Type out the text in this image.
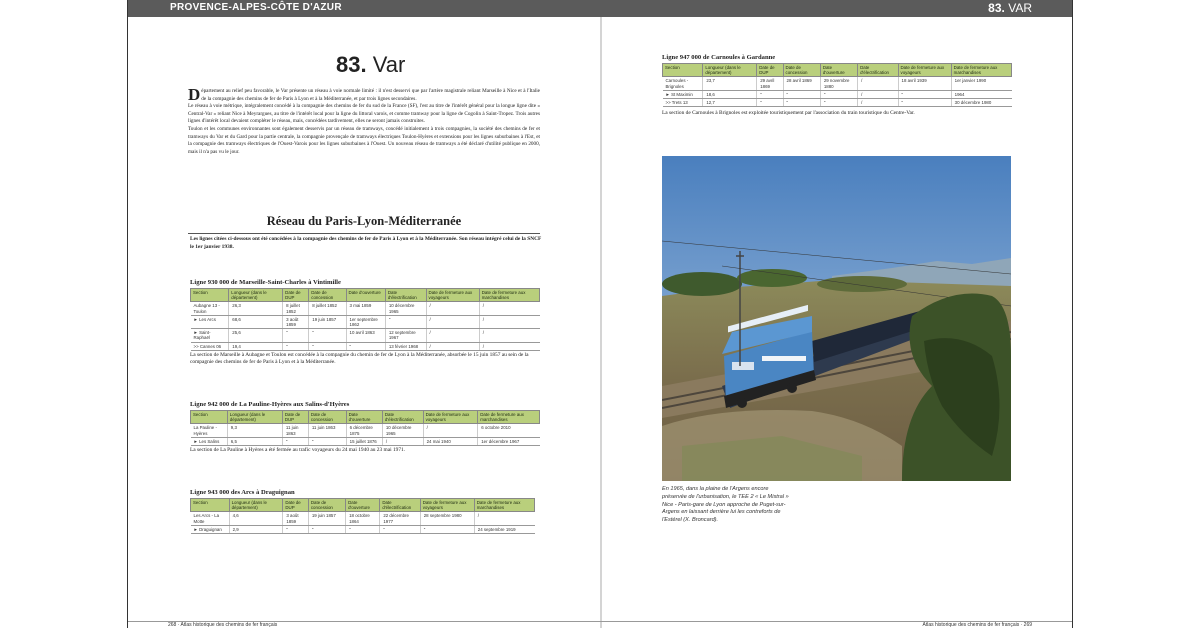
PROVENCE-ALPES-CÔTE D'AZUR	83. VAR
83. Var

Département au relief peu favorable, le Var présente un réseau à voie normale limité : il n'est desservi que par l'artère magistrale reliant Marseille à Nice et à l'Italie de la compagnie des chemins de fer de Paris à Lyon et à la Méditerranée, et par trois lignes secondaires.

Le réseau à voie métrique, intégralement concédé à la compagnie des chemins de fer du sud de la France (SF), l'est au titre de l'intérêt général pour la longue ligne dite « Central-Var » reliant Nice à Meyrargues, au titre de l'intérêt local pour la ligne du littoral varois, et comme tramway pour la ligne de Cogolin à Saint-Tropez. Trois autres lignes d'intérêt local devaient compléter le réseau, mais, concédées tardivement, elles ne seront jamais construites.

Toulon et les communes environnantes sont également desservis par un réseau de tramways, concédé initialement à trois compagnies, la société des chemins de fer et tramways du Var et du Gard pour la partie centrale, la compagnie provençale de tramways électriques Toulon-Hyères et extensions pour les lignes suburbaines à l'Est, et la compagnie des tramways électriques de l'Ouest-Varois pour les lignes suburbaines à l'Ouest. Un nouveau réseau de tramways a été déclaré d'utilité publique en 2000, mais il n'a pas vu le jour.

Réseau du Paris-Lyon-Méditerranée
Les lignes citées ci-dessous ont été concédées à la compagnie des chemins de fer de Paris à Lyon et à la Méditerranée. Son réseau intégré celui de la SNCF le 1er janvier 1938.
Ligne 930 000 de Marseille-Saint-Charles à Vintimille
Section	Longueur (dans le département)	Date de DUP	Date de concession	Date d'ouverture	Date d'électrification	Date de fermeture aux voyageurs	Date de fermeture aux marchandises
Aubagne 13 - Toulon	26,3	8 juillet 1852	8 juillet 1852	3 mai 1859	10 décembre 1965	/	/
► Les Arcs	68,6	3 août 1859	19 juin 1857	1er septembre 1862	"	/	/
► Saint-Raphaël	25,6	"	"	10 avril 1863	12 septembre 1967	/	/
>> Cannes 06	19,4	"	"	"	13 février 1968	/	/
La section de Marseille à Aubagne et Toulon est concédée à la compagnie du chemin de fer de Lyon à la Méditerranée, absorbée le 15 juin 1857 au sein de la compagnie des chemins de fer de Paris à Lyon et à la Méditerranée.
Ligne 942 000 de La Pauline-Hyères aux Salins-d'Hyères
Section	Longueur (dans le département)	Date de DUP	Date de concession	Date d'ouverture	Date d'électrification	Date de fermeture aux voyageurs	Date de fermeture aux marchandises
La Pauline - Hyères	9,3	11 juin 1863	11 juin 1863	6 décembre 1875	10 décembre 1965	/	6 octobre 2010
► Les Salins	6,5	"	"	15 juillet 1876	/	24 mai 1940	1er décembre 1967
La section de La Pauline à Hyères a été fermée au trafic voyageurs du 24 mai 1940 au 23 mai 1971.
Ligne 943 000 des Arcs à Draguignan
Section	Longueur (dans le département)	Date de DUP	Date de concession	Date d'ouverture	Date d'électrification	Date de fermeture aux voyageurs	Date de fermeture aux marchandises
Les Arcs - La Motte	4,6	3 août 1859	19 juin 1857	18 octobre 1864	22 décembre 1977	28 septembre 1980	/
► Draguignan	2,9	"	"	"	"	"	24 septembre 1919
Ligne 947 000 de Carnoules à Gardanne
Section	Longueur (dans le département)	Date de DUP	Date de concession	Date d'ouverture	Date d'électrification	Date de fermeture aux voyageurs	Date de fermeture aux marchandises
Carnoules - Brignoles	23,7	29 avril 1869	28 avril 1869	29 novembre 1880	/	18 avril 1939	1er janvier 1990
► St Maximin	18,6	"	"	"	/	"	1964
>> Trets 13	12,7	"	"	"	/	"	30 décembre 1980
La section de Carnoules à Brignoles est exploitée touristiquement par l'association du train touristique du Centre-Var.
En 1965, dans la plaine de l'Argens encore préservée de l'urbanisation, le TEE 2 « Le Mistral » Nice - Paris-gare de Lyon approche de Puget-sur-Argens en laissant derrière lui les contreforts de l'Estérel (X. Broncard).
268 · Atlas historique des chemins de fer français	Atlas historique des chemins de fer français · 269
